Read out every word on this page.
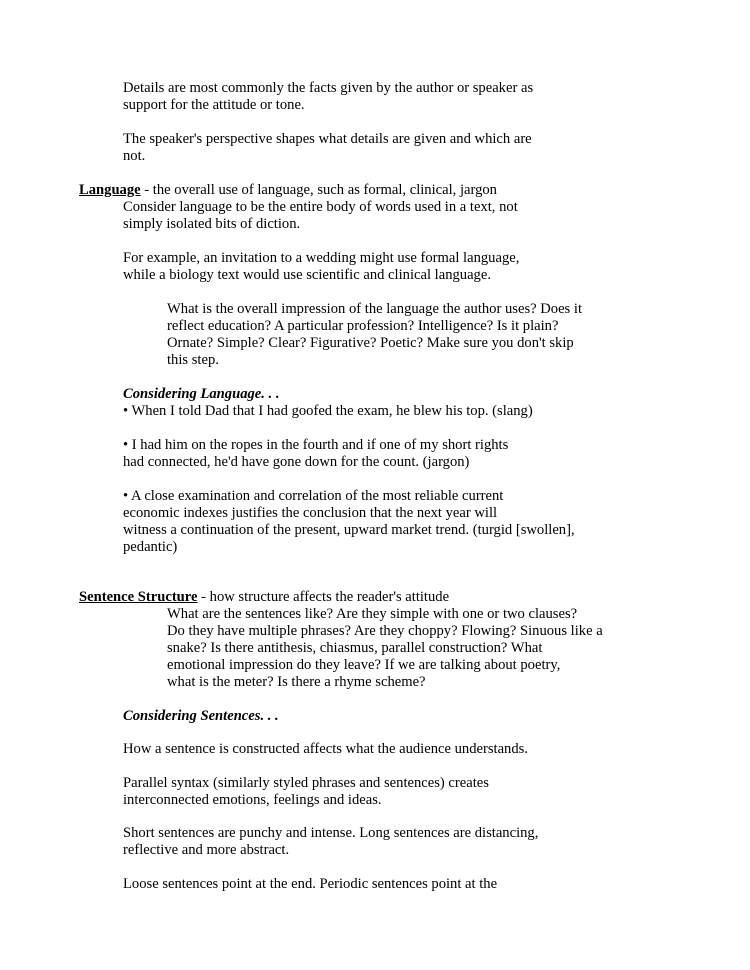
Details are most commonly the facts given by the author or speaker as

support for the attitude or tone.

The speaker's perspective shapes what details are given and which are

not.

Language - the overall use of language, such as formal, clinical, jargon

Consider language to be the entire body of words used in a text, not

simply isolated bits of diction.

For example, an invitation to a wedding might use formal language,

while a biology text would use scientific and clinical language.

What is the overall impression of the language the author uses? Does it

reflect education? A particular profession? Intelligence? Is it plain?

Ornate? Simple? Clear? Figurative? Poetic? Make sure you don't skip

this step.

Considering Language. . .

• When I told Dad that I had goofed the exam, he blew his top. (slang)

• I had him on the ropes in the fourth and if one of my short rights

had connected, he'd have gone down for the count. (jargon)

• A close examination and correlation of the most reliable current

economic indexes justifies the conclusion that the next year will

witness a continuation of the present, upward market trend. (turgid [swollen],

pedantic)

Sentence Structure - how structure affects the reader's attitude

What are the sentences like? Are they simple with one or two clauses?

Do they have multiple phrases? Are they choppy? Flowing? Sinuous like a

snake? Is there antithesis, chiasmus, parallel construction? What

emotional impression do they leave? If we are talking about poetry,

what is the meter? Is there a rhyme scheme?

Considering Sentences. . .

How a sentence is constructed affects what the audience understands.

Parallel syntax (similarly styled phrases and sentences) creates

interconnected emotions, feelings and ideas.

Short sentences are punchy and intense. Long sentences are distancing,

reflective and more abstract.

Loose sentences point at the end. Periodic sentences point at the
